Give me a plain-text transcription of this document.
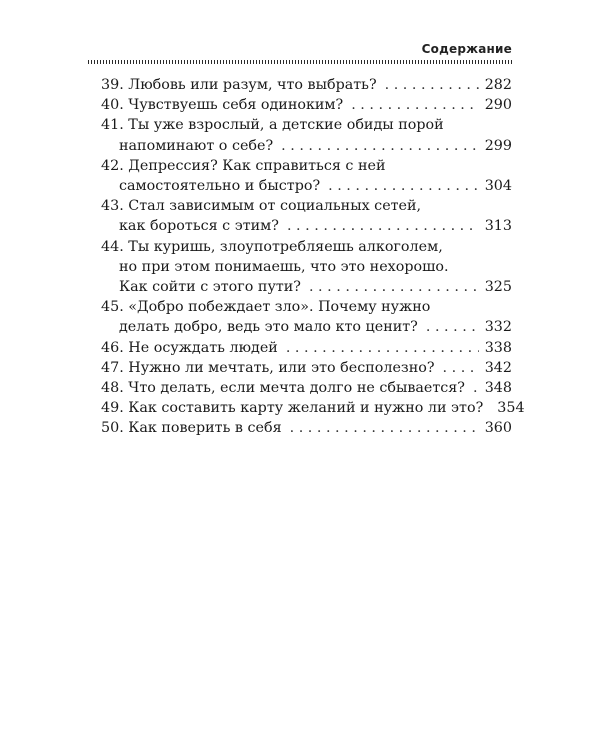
Содержание
39. Любовь или разум, что выбрать? . . .	282
40. Чувствуешь себя одиноким? . . .	290
41. Ты уже взрослый, а детские обиды порой
напоминают о себе? . . .	299
42. Депрессия? Как справиться с ней
самостоятельно и быстро? . . .	304
43. Стал зависимым от социальных сетей,
как бороться с этим? . . .	313
44. Ты куришь, злоупотребляешь алкоголем,
но при этом понимаешь, что это нехорошо.
Как сойти с этого пути? . . .	325
45. «Добро побеждает зло». Почему нужно
делать добро, ведь это мало кто ценит? . . .	332
46. Не осуждать людей . . .	338
47. Нужно ли мечтать, или это бесполезно? . . .	342
48. Что делать, если мечта долго не сбывается? . . . 348
49. Как составить карту желаний и нужно ли это? 354
50. Как поверить в себя . . .	360
